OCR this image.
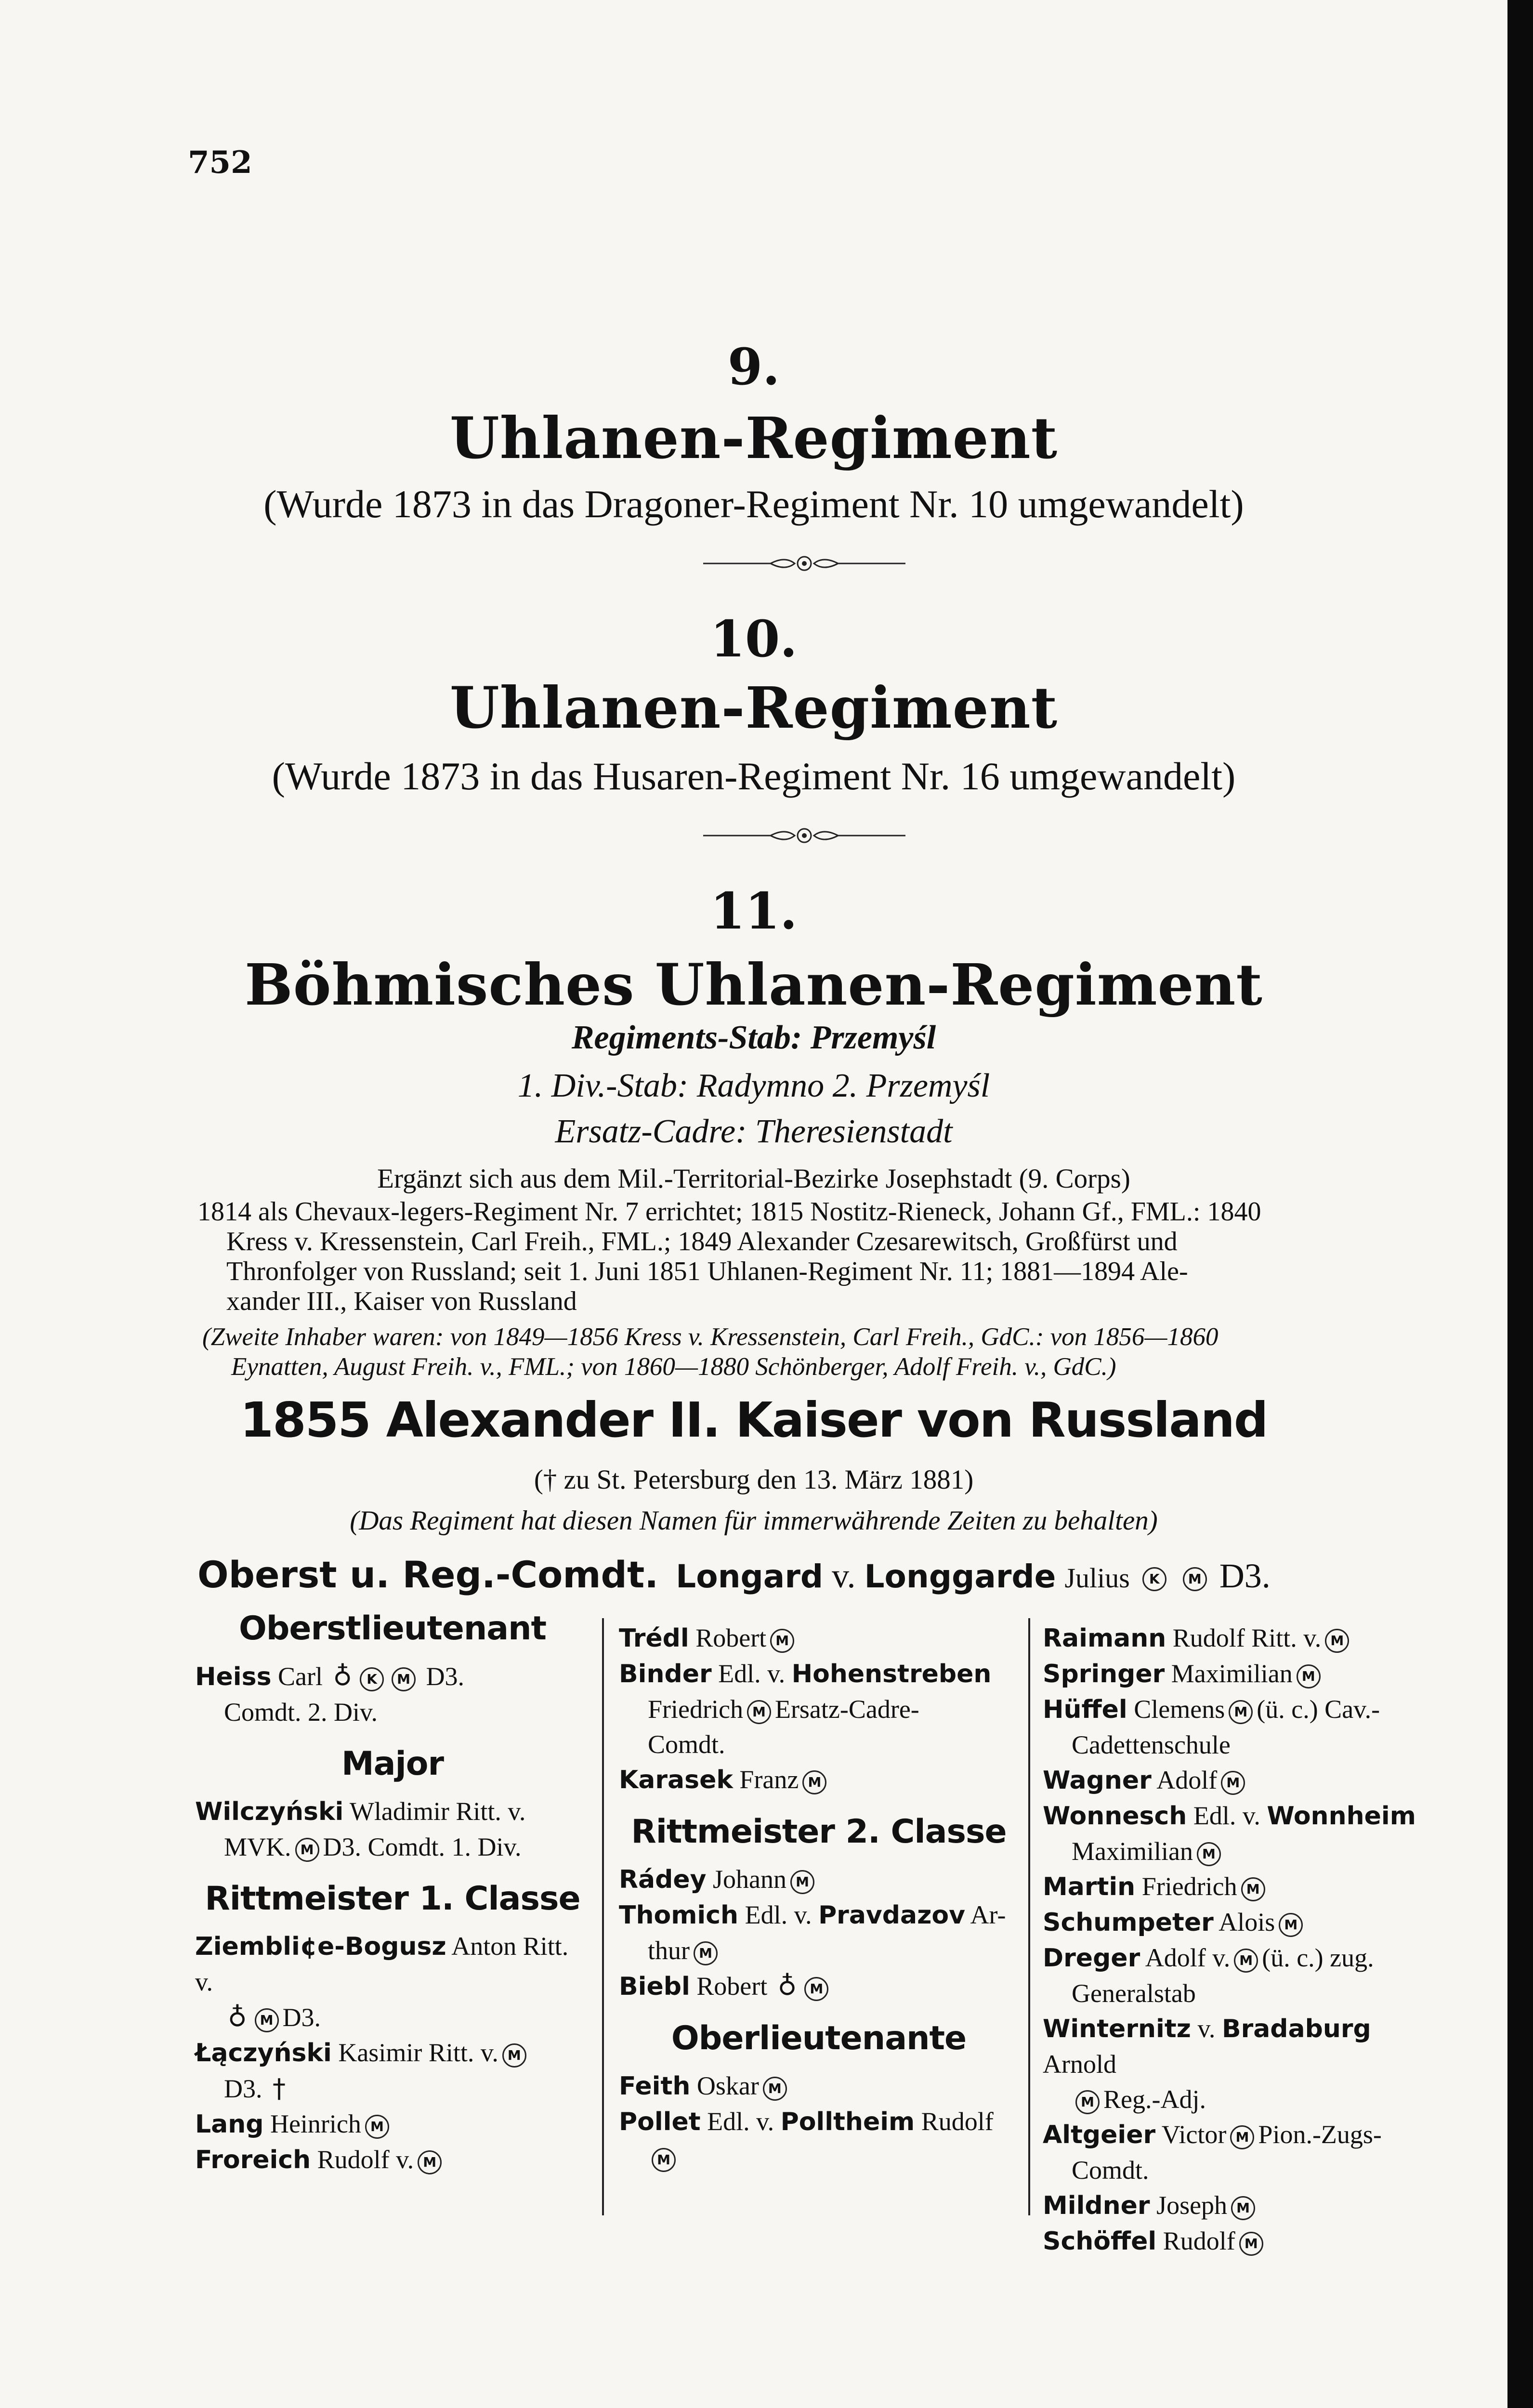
752
9.
Uhlanen-Regiment
(Wurde 1873 in das Dragoner-Regiment Nr. 10 umgewandelt)
10.
Uhlanen-Regiment
(Wurde 1873 in das Husaren-Regiment Nr. 16 umgewandelt)
11.
Böhmisches Uhlanen-Regiment
Regiments-Stab: Przemyśl
1. Div.-Stab: Radymno 2. Przemyśl
Ersatz-Cadre: Theresienstadt
Ergänzt sich aus dem Mil.-Territorial-Bezirke Josephstadt (9. Corps)
1814 als Chevaux-legers-Regiment Nr. 7 errichtet; 1815 Nostitz-Rieneck, Johann Gf., FML.: 1840
Kress v. Kressenstein, Carl Freih., FML.; 1849 Alexander Czesarewitsch, Großfürst und
Thronfolger von Russland; seit 1. Juni 1851 Uhlanen-Regiment Nr. 11; 1881—1894 Ale-
xander III., Kaiser von Russland
(Zweite Inhaber waren: von 1849—1856 Kress v. Kressenstein, Carl Freih., GdC.: von 1856—1860
Eynatten, August Freih. v., FML.; von 1860—1880 Schönberger, Adolf Freih. v., GdC.)
1855 Alexander II. Kaiser von Russland
(† zu St. Petersburg den 13. März 1881)
(Das Regiment hat diesen Namen für immerwährende Zeiten zu behalten)
Oberst u. Reg.-Comdt. Longard v. Longgarde Julius K M D3.
Oberstlieutenant
Heiss Carl ♁ K M D3.
Comdt. 2. Div.
Major
Wilczyński Wladimir Ritt. v.
MVK. M D3. Comdt. 1. Div.
Rittmeister 1. Classe
Ziembli¢e-Bogusz Anton Ritt. v.
♁ M D3.
Łączyński Kasimir Ritt. v. M
D3. †
Lang Heinrich M
Froreich Rudolf v. M
Trédl Robert M
Binder Edl. v. Hohenstreben
Friedrich M Ersatz-Cadre-
Comdt.
Karasek Franz M
Rittmeister 2. Classe
Rádey Johann M
Thomich Edl. v. Pravdazov Ar-
thur M
Biebl Robert ♁ M
Oberlieutenante
Feith Oskar M
Pollet Edl. v. Polltheim Rudolf
M
Raimann Rudolf Ritt. v. M
Springer Maximilian M
Hüffel Clemens M (ü. c.) Cav.-
Cadettenschule
Wagner Adolf M
Wonnesch Edl. v. Wonnheim
Maximilian M
Martin Friedrich M
Schumpeter Alois M
Dreger Adolf v. M (ü. c.) zug.
Generalstab
Winternitz v. Bradaburg Arnold
M Reg.-Adj.
Altgeier Victor M Pion.-Zugs-
Comdt.
Mildner Joseph M
Schöffel Rudolf M
